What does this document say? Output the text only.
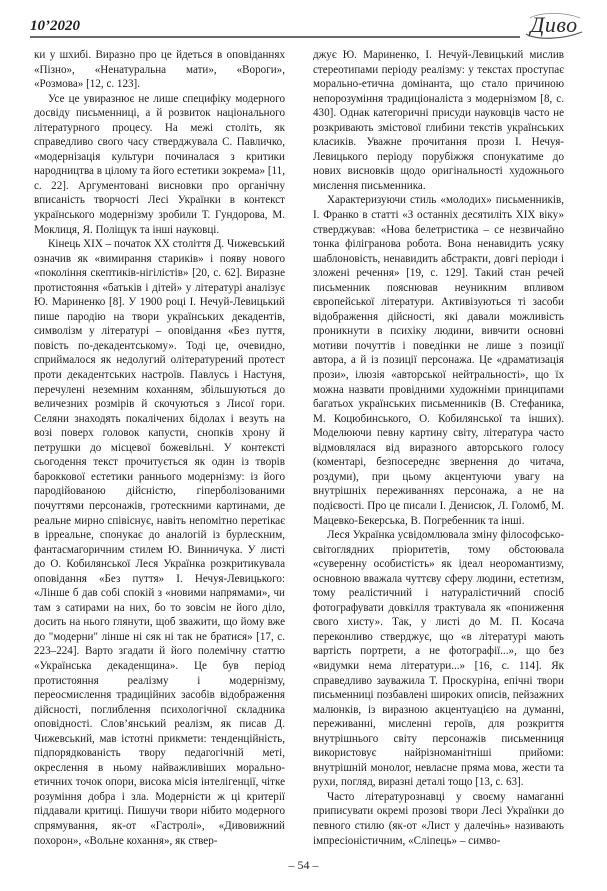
10’2020	Диво

ки у шхибі. Виразно про це йдеться в оповіданнях «Пізно», «Ненатуральна мати», «Вороги», «Розмова» [12, c. 123].

Усе це увиразнює не лише специфіку модерного досвіду письменниці, а й розвиток національного літературного процесу. На межі століть, як справедливо свого часу стверджувала С. Павличко, «модернізація культури починалася з критики народництва в цілому та його естетики зокрема» [11, c. 22]. Аргументовані висновки про органічну вписаність творчості Лесі Українки в контекст українського модернізму зробили Т. Гундорова, М. Моклиця, Я. Поліщук та інші науковці.

Кінець XIX – початок XX століття Д. Чижевський означив як «вимирання стариків» і появу нового «покоління скептиків-нігілістів» [20, c. 62]. Виразне протистояння «батьків і дітей» у літературі аналізує Ю. Мариненко [8]. У 1900 році І. Нечуй-Левицький пише пародію на твори українських декадентів, символізм у літературі – оповідання «Без пуття, повість по-декадентському». Тоді це, очевидно, сприймалося як недолугий олітературений протест проти декадентських настроїв. Павлусь і Настуня, перечулені неземним коханням, збільшуються до величезних розмірів й скочуються з Лисої гори. Селяни знаходять покалічених бідолах і везуть на возі поверх головок капусти, снопків хрону й петрушки до місцевої божевільні. У контексті сьогодення текст прочитується як один із творів бароккової естетики раннього модернізму: із його пародійованою дійсністю, гіперболізованими почуттями персонажів, гротескними картинами, де реальне мирно співіснує, навіть непомітно перетікає в ірреальне, спонукає до аналогій із бурлескним, фантасмагоричним стилем Ю. Винничука. У листі до О. Кобилянської Леся Українка розкритикувала оповідання «Без пуття» І. Нечуя-Левицького: «Лінше б дав собі спокій з «новими напрямами», чи там з сатирами на них, бо то зовсім не його діло, досить на нього глянути, щоб зважити, що йому вже до "модерни" лінше ні сяк ні так не братися» [17, c. 223–224]. Варто згадати й його полемічну статтю «Українська декаденщина». Це був період протистояння реалізму і модернізму, переосмислення традиційних засобів відображення дійсності, поглиблення психологічної складника оповідності. Слов’янський реалізм, як писав Д. Чижевський, мав істотні прикмети: тенденційність, підпорядкованість твору педагогічній меті, окреслення в ньому найважливіших морально-етичних точок опори, висока місія інтелігенції, чітке розуміння добра і зла. Модерністи ж ці критерії піддавали критиці. Пишучи твори нібито модерного спрямування, як-от «Гастролі», «Дивовижний похорон», «Вольне кохання», як ствер-

джує Ю. Мариненко, І. Нечуй-Левицький мислив стереотипами періоду реалізму: у текстах проступає морально-етична домінанта, що стало причиною непорозуміння традиціоналіста з модернізмом [8, c. 430]. Однак категоричні присуди науковців часто не розкривають змістової глибини текстів українських класиків. Уважне прочитання прози І. Нечуя-Левицького періоду порубіжжя спонукатиме до нових висновків щодо оригінальності художнього мислення письменника.

Характеризуючи стиль «молодих» письменників, І. Франко в статті «З останніх десятиліть XIX віку» стверджував: «Нова белетристика – се незвичайно тонка філігранова робота. Вона ненавидить усяку шаблоновість, ненавидить абстракти, довгі періоди і зложені речення» [19, c. 129]. Такий стан речей письменник пояснював неуникним впливом європейської літератури. Активізуються ті засоби відображення дійсності, які давали можливість проникнути в психіку людини, вивчити основні мотиви почуттів і поведінки не лише з позиції автора, а й із позиції персонажа. Це «драматизація прози», ілюзія «авторської нейтральності», що їх можна назвати провідними художніми принципами багатьох українських письменників (В. Стефаника, М. Коцюбинського, О. Кобилянської та інших). Моделюючи певну картину світу, література часто відмовлялася від виразного авторського голосу (коментарі, безпосереднє звернення до читача, роздуми), при цьому акцентуючи увагу на внутрішніх переживаннях персонажа, а не на подієвості. Про це писали І. Денисюк, Л. Голомб, М. Мацевко-Бекерська, В. Погребенник та інші.

Леся Українка усвідомлювала зміну філософсько-світоглядних пріоритетів, тому обстоювала «суверенну особистість» як ідеал неоромантизму, основною вважала чуттєву сферу людини, естетизм, тому реалістичний і натуралістичний спосіб фотографувати довкілля трактувала як «пониження свого хисту». Так, у листі до М. П. Косача переконливо стверджує, що «в літературі мають вартість портрети, а не фотографії...», що без «видумки нема літератури...» [16, c. 114]. Як справедливо зауважила Т. Проскуріна, епічні твори письменниці позбавлені широких описів, пейзажних малюнків, із виразною акцентуацією на думанні, переживанні, мисленні героїв, для розкриття внутрішнього світу персонажів письменниця використовує найрізноманітніші прийоми: внутрішній монолог, невласне пряма мова, жести та рухи, погляд, виразні деталі тощо [13, c. 63].

Часто літературознавці у своєму намаганні приписувати окремі прозові твори Лесі Українки до певного стилю (як-от «Лист у далечінь» називають імпресіоністичним, «Сліпець» – симво-

– 54 –
